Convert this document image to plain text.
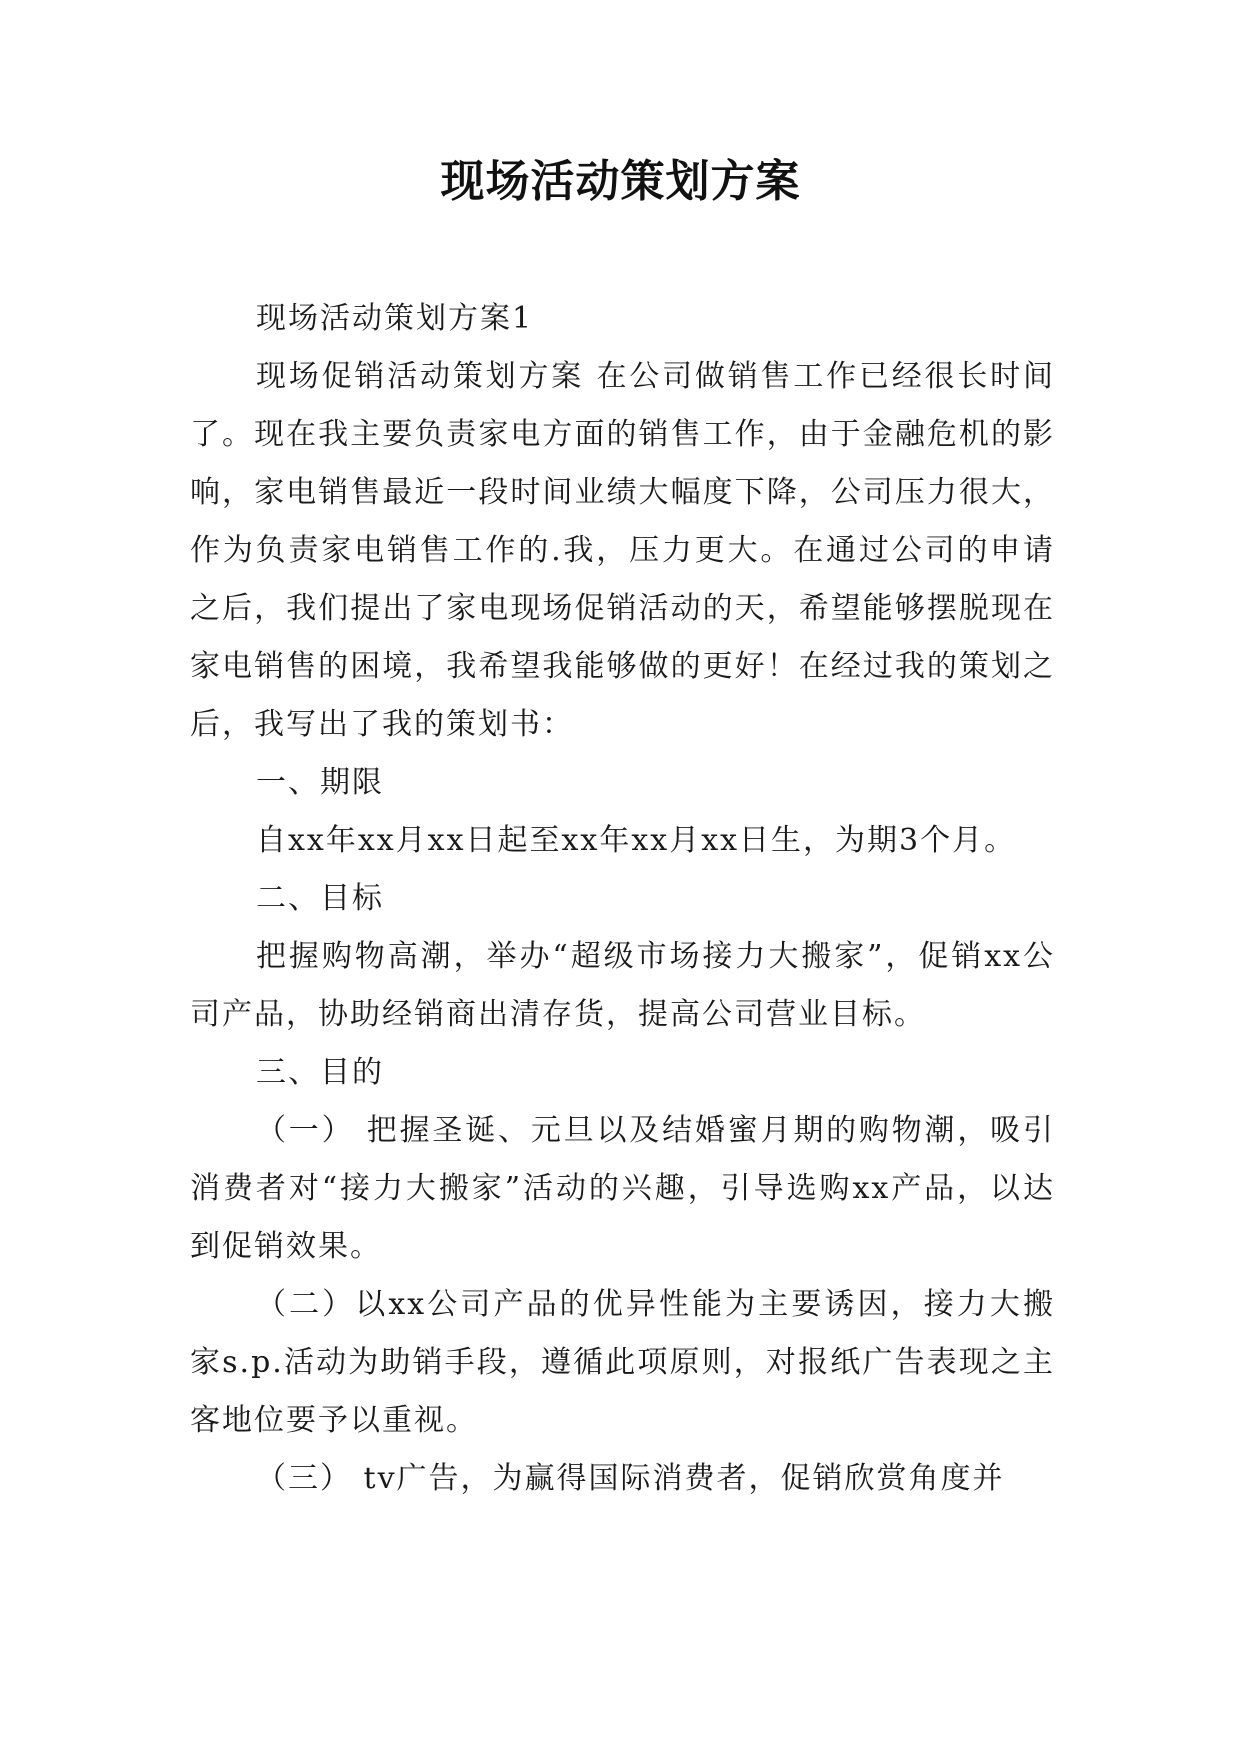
现场活动策划方案

现场活动策划方案1

现场促销活动策划方案 在公司做销售工作已经很长时间了。现在我主要负责家电方面的销售工作，由于金融危机的影响，家电销售最近一段时间业绩大幅度下降，公司压力很大，作为负责家电销售工作的.我，压力更大。在通过公司的申请之后，我们提出了家电现场促销活动的天，希望能够摆脱现在家电销售的困境，我希望我能够做的更好！在经过我的策划之后，我写出了我的策划书：

一、期限

自xx年xx月xx日起至xx年xx月xx日生，为期3个月。

二、目标

把握购物高潮，举办“超级市场接力大搬家”，促销xx公司产品，协助经销商出清存货，提高公司营业目标。

三、目的

（一） 把握圣诞、元旦以及结婚蜜月期的购物潮，吸引消费者对“接力大搬家”活动的兴趣，引导选购xx产品，以达到促销效果。

（二）以xx公司产品的优异性能为主要诱因，接力大搬家s.p.活动为助销手段，遵循此项原则，对报纸广告表现之主客地位要予以重视。

（三） tv广告，为赢得国际消费者，促销欣赏角度并
